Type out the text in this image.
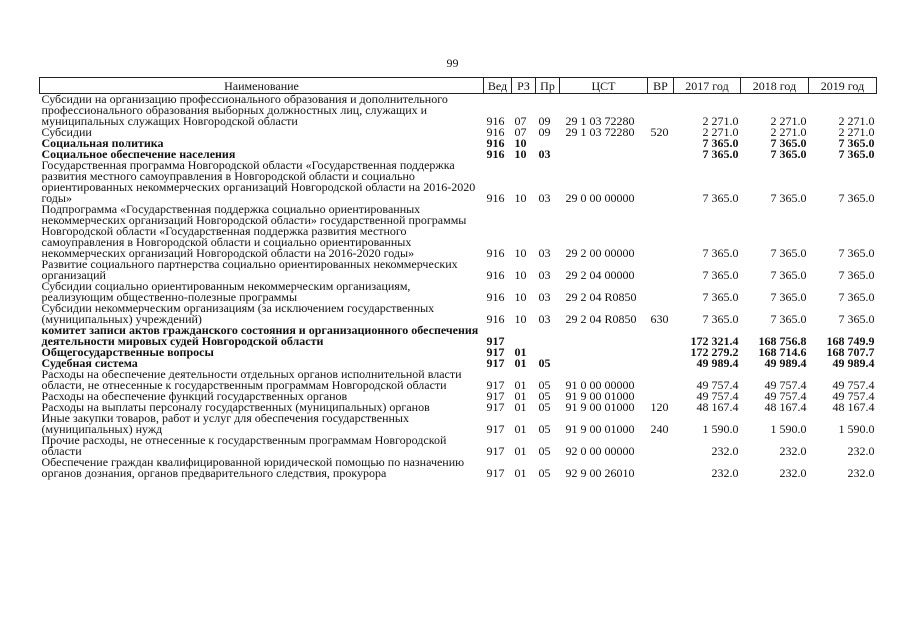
99
Наименование	Вед	РЗ	Пр	ЦСТ	ВР	2017 год	2018 год	2019 год
Субсидии на организацию профессионального образования и дополнительного профессионального образования выборных должностных лиц, служащих и муниципальных служащих Новгородской области	916	07	09	29 1 03 72280		2 271.0	2 271.0	2 271.0
Субсидии	916	07	09	29 1 03 72280	520	2 271.0	2 271.0	2 271.0
Социальная политика	916	10				7 365.0	7 365.0	7 365.0
Социальное обеспечение населения	916	10	03			7 365.0	7 365.0	7 365.0
Государственная программа Новгородской области «Государственная поддержка развития местного самоуправления в Новгородской области и социально ориентированных некоммерческих организаций Новгородской области на 2016-2020 годы»	916	10	03	29 0 00 00000		7 365.0	7 365.0	7 365.0
Подпрограмма «Государственная поддержка социально ориентированных некоммерческих организаций Новгородской области» государственной программы Новгородской области «Государственная поддержка развития местного самоуправления в Новгородской области и социально ориентированных некоммерческих организаций Новгородской области на 2016-2020 годы»	916	10	03	29 2 00 00000		7 365.0	7 365.0	7 365.0
Развитие социального партнерства социально ориентированных некоммерческих организаций	916	10	03	29 2 04 00000		7 365.0	7 365.0	7 365.0
Субсидии социально ориентированным некоммерческим организациям, реализующим общественно-полезные программы	916	10	03	29 2 04 R0850		7 365.0	7 365.0	7 365.0
Субсидии некоммерческим организациям (за исключением государственных (муниципальных) учреждений)	916	10	03	29 2 04 R0850	630	7 365.0	7 365.0	7 365.0
комитет записи актов гражданского состояния и организационного обеспечения деятельности мировых судей Новгородской области	917					172 321.4	168 756.8	168 749.9
Общегосударственные вопросы	917	01				172 279.2	168 714.6	168 707.7
Судебная система	917	01	05			49 989.4	49 989.4	49 989.4
Расходы на обеспечение деятельности отдельных органов исполнительной власти области, не отнесенные к государственным программам Новгородской области	917	01	05	91 0 00 00000		49 757.4	49 757.4	49 757.4
Расходы на обеспечение функций государственных органов	917	01	05	91 9 00 01000		49 757.4	49 757.4	49 757.4
Расходы на выплаты персоналу государственных (муниципальных) органов	917	01	05	91 9 00 01000	120	48 167.4	48 167.4	48 167.4
Иные закупки товаров, работ и услуг для обеспечения государственных (муниципальных) нужд	917	01	05	91 9 00 01000	240	1 590.0	1 590.0	1 590.0
Прочие расходы, не отнесенные к государственным программам Новгородской области	917	01	05	92 0 00 00000		232.0	232.0	232.0
Обеспечение граждан квалифицированной юридической помощью по назначению органов дознания, органов предварительного следствия, прокурора	917	01	05	92 9 00 26010		232.0	232.0	232.0
